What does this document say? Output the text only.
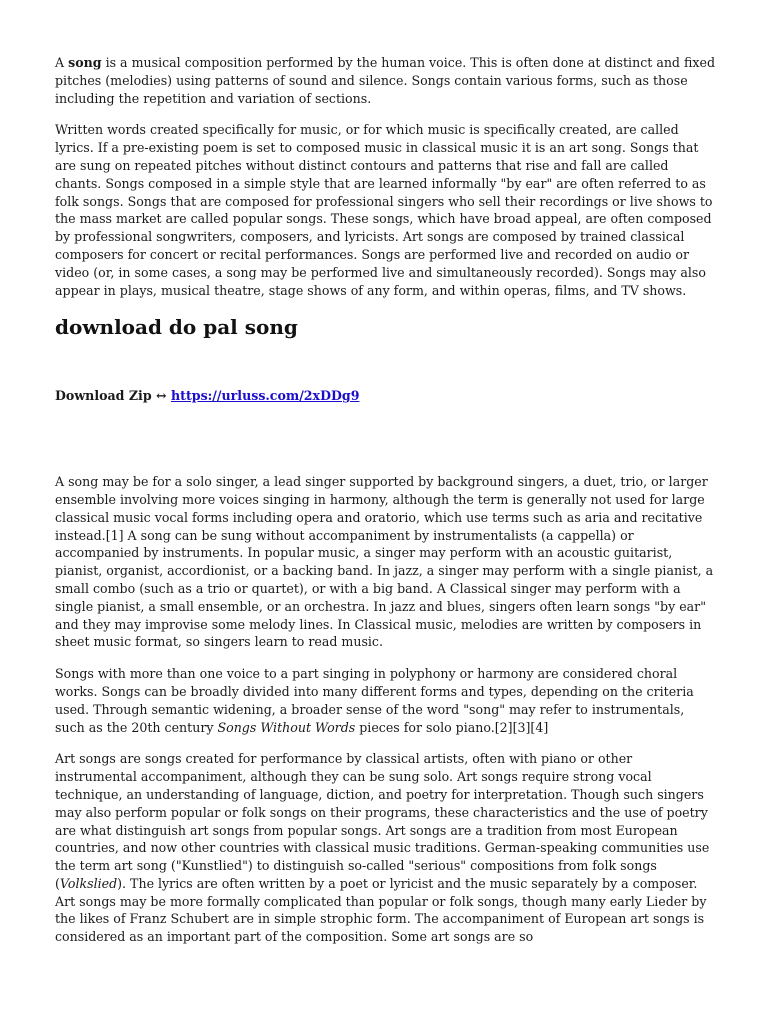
A song is a musical composition performed by the human voice. This is often done at distinct and fixed pitches (melodies) using patterns of sound and silence. Songs contain various forms, such as those including the repetition and variation of sections.

Written words created specifically for music, or for which music is specifically created, are called lyrics. If a pre-existing poem is set to composed music in classical music it is an art song. Songs that are sung on repeated pitches without distinct contours and patterns that rise and fall are called chants. Songs composed in a simple style that are learned informally "by ear" are often referred to as folk songs. Songs that are composed for professional singers who sell their recordings or live shows to the mass market are called popular songs. These songs, which have broad appeal, are often composed by professional songwriters, composers, and lyricists. Art songs are composed by trained classical composers for concert or recital performances. Songs are performed live and recorded on audio or video (or, in some cases, a song may be performed live and simultaneously recorded). Songs may also appear in plays, musical theatre, stage shows of any form, and within operas, films, and TV shows.

download do pal song
Download Zip ↔ https://urluss.com/2xDDg9

A song may be for a solo singer, a lead singer supported by background singers, a duet, trio, or larger ensemble involving more voices singing in harmony, although the term is generally not used for large classical music vocal forms including opera and oratorio, which use terms such as aria and recitative instead.[1] A song can be sung without accompaniment by instrumentalists (a cappella) or accompanied by instruments. In popular music, a singer may perform with an acoustic guitarist, pianist, organist, accordionist, or a backing band. In jazz, a singer may perform with a single pianist, a small combo (such as a trio or quartet), or with a big band. A Classical singer may perform with a single pianist, a small ensemble, or an orchestra. In jazz and blues, singers often learn songs "by ear" and they may improvise some melody lines. In Classical music, melodies are written by composers in sheet music format, so singers learn to read music.

Songs with more than one voice to a part singing in polyphony or harmony are considered choral works. Songs can be broadly divided into many different forms and types, depending on the criteria used. Through semantic widening, a broader sense of the word "song" may refer to instrumentals, such as the 20th century Songs Without Words pieces for solo piano.[2][3][4]

Art songs are songs created for performance by classical artists, often with piano or other instrumental accompaniment, although they can be sung solo. Art songs require strong vocal technique, an understanding of language, diction, and poetry for interpretation. Though such singers may also perform popular or folk songs on their programs, these characteristics and the use of poetry are what distinguish art songs from popular songs. Art songs are a tradition from most European countries, and now other countries with classical music traditions. German-speaking communities use the term art song ("Kunstlied") to distinguish so-called "serious" compositions from folk songs (Volkslied). The lyrics are often written by a poet or lyricist and the music separately by a composer. Art songs may be more formally complicated than popular or folk songs, though many early Lieder by the likes of Franz Schubert are in simple strophic form. The accompaniment of European art songs is considered as an important part of the composition. Some art songs are so
